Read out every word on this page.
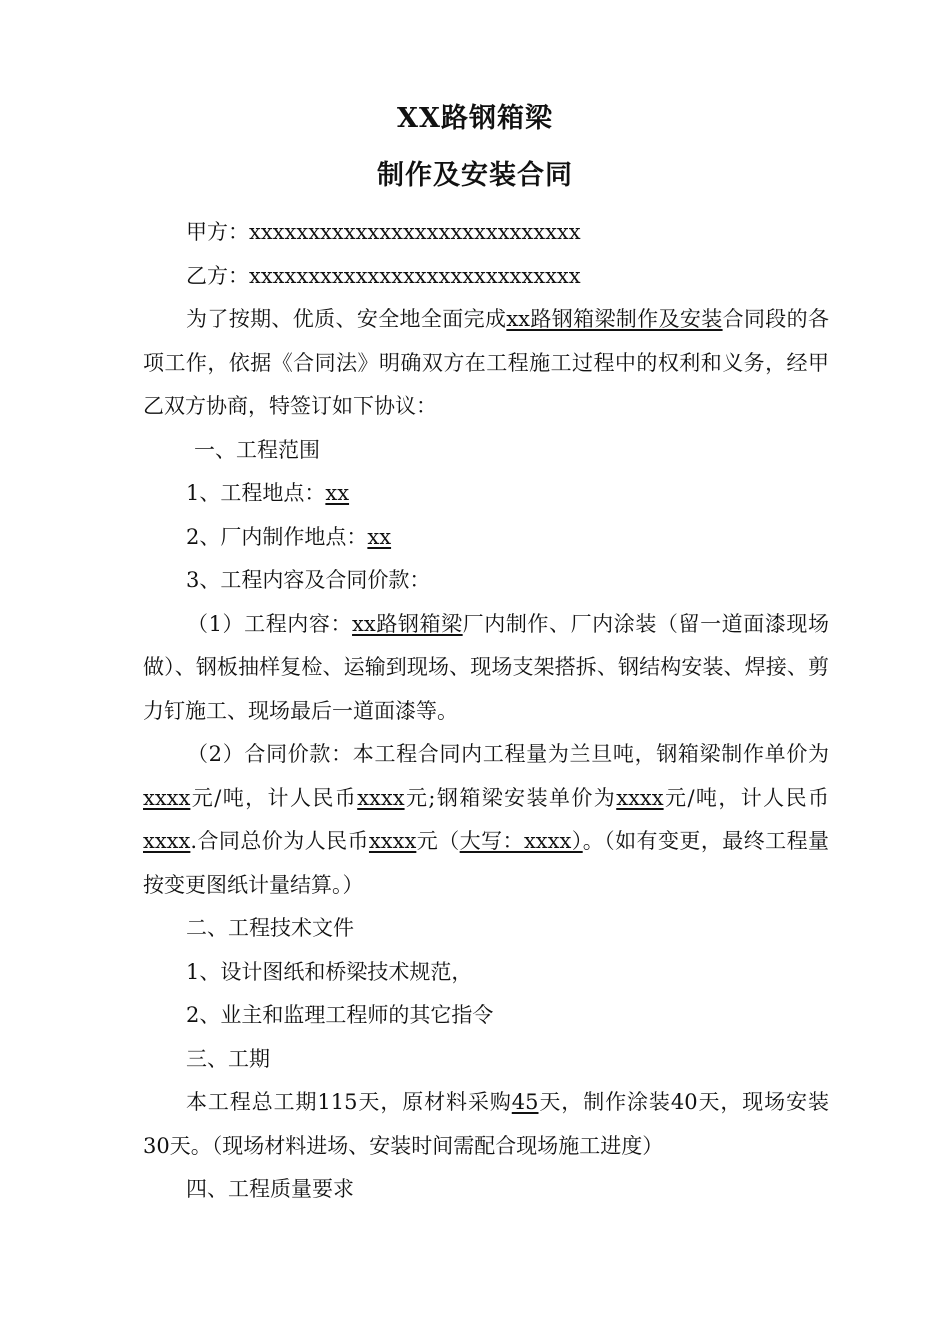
XX路钢箱梁
制作及安装合同

甲方：xxxxxxxxxxxxxxxxxxxxxxxxxxxx

乙方：xxxxxxxxxxxxxxxxxxxxxxxxxxxx

为了按期、优质、安全地全面完成xx路钢箱梁制作及安装合同段的各项工作，依据《合同法》明确双方在工程施工过程中的权利和义务，经甲乙双方协商，特签订如下协议：

一、工程范围

1、工程地点：xx

2、厂内制作地点：xx

3、工程内容及合同价款：

（1）工程内容：xx路钢箱梁厂内制作、厂内涂装（留一道面漆现场做）、钢板抽样复检、运输到现场、现场支架搭拆、钢结构安装、焊接、剪力钉施工、现场最后一道面漆等。

（2）合同价款：本工程合同内工程量为兰旦吨，钢箱梁制作单价为xxxx元/吨，计人民币xxxx元;钢箱梁安装单价为xxxx元/吨，计人民币xxxx.合同总价为人民币xxxx元（大写：xxxx）。（如有变更，最终工程量按变更图纸计量结算。）

二、工程技术文件

1、设计图纸和桥梁技术规范，

2、业主和监理工程师的其它指令

三、工期

本工程总工期115天，原材料采购45天，制作涂装40天，现场安装30天。（现场材料进场、安装时间需配合现场施工进度）

四、工程质量要求
